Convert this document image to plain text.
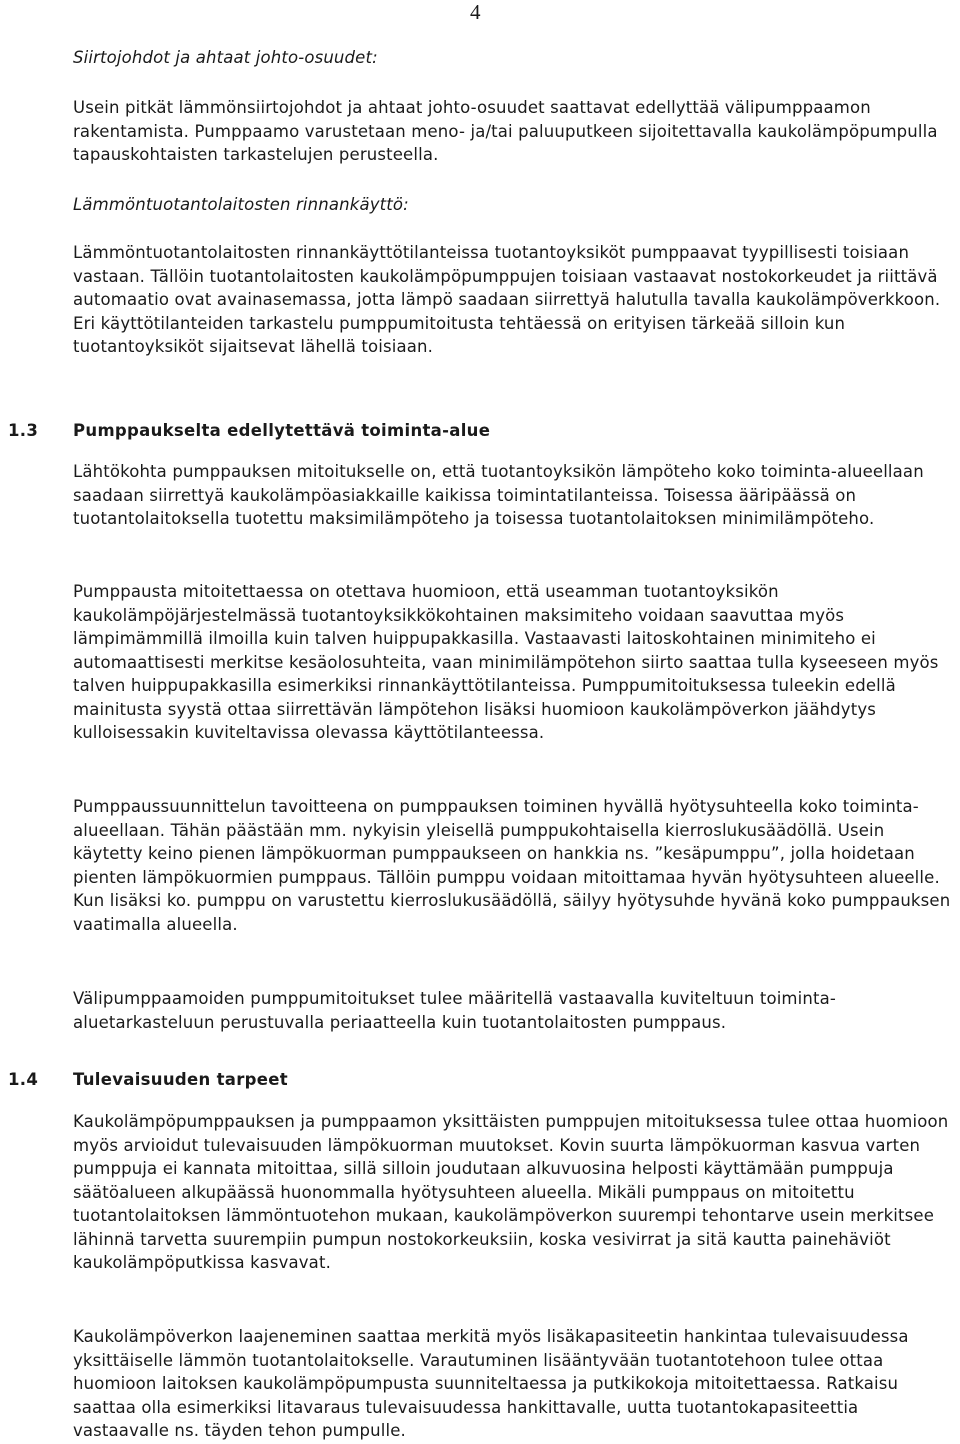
4
Siirtojohdot ja ahtaat johto-osuudet:

Usein pitkät lämmönsiirtojohdot ja ahtaat johto-osuudet saattavat edellyttää välipumppaamon rakentamista. Pumppaamo varustetaan meno- ja/tai paluuputkeen sijoitettavalla kaukolämpöpumpulla tapauskohtaisten tarkastelujen perusteella.

Lämmöntuotantolaitosten rinnankäyttö:

Lämmöntuotantolaitosten rinnankäyttötilanteissa tuotantoyksiköt pumppaavat tyypillisesti toisiaan vastaan. Tällöin tuotantolaitosten kaukolämpöpumppujen toisiaan vastaavat nostokorkeudet ja riittävä automaatio ovat avainasemassa, jotta lämpö saadaan siirrettyä halutulla tavalla kaukolämpöverkkoon. Eri käyttötilanteiden tarkastelu pumppumitoitusta tehtäessä on erityisen tärkeää silloin kun tuotantoyksiköt sijaitsevat lähellä toisiaan.

1.3 Pumppaukselta edellytettävä toiminta-alue

Lähtökohta pumppauksen mitoitukselle on, että tuotantoyksikön lämpöteho koko toiminta-alueellaan saadaan siirrettyä kaukolämpöasiakkaille kaikissa toimintatilanteissa. Toisessa ääripäässä on tuotantolaitoksella tuotettu maksimilämpöteho ja toisessa tuotantolaitoksen minimilämpöteho.

Pumppausta mitoitettaessa on otettava huomioon, että useamman tuotantoyksikön kaukolämpöjärjestelmässä tuotantoyksikkökohtainen maksimiteho voidaan saavuttaa myös lämpimämmillä ilmoilla kuin talven huippupakkasilla. Vastaavasti laitoskohtainen minimiteho ei automaattisesti merkitse kesäolosuhteita, vaan minimilämpötehon siirto saattaa tulla kyseeseen myös talven huippupakkasilla esimerkiksi rinnankäyttötilanteissa. Pumppumitoituksessa tuleekin edellä mainitusta syystä ottaa siirrettävän lämpötehon lisäksi huomioon kaukolämpöverkon jäähdytys kulloisessakin kuviteltavissa olevassa käyttötilanteessa.

Pumppaussuunnittelun tavoitteena on pumppauksen toiminen hyvällä hyötysuhteella koko toiminta-alueellaan. Tähän päästään mm. nykyisin yleisellä pumppukohtaisella kierroslukusäädöllä. Usein käytetty keino pienen lämpökuorman pumppaukseen on hankkia ns. ”kesäpumppu”, jolla hoidetaan pienten lämpökuormien pumppaus. Tällöin pumppu voidaan mitoittamaa hyvän hyötysuhteen alueelle. Kun lisäksi ko. pumppu on varustettu kierroslukusäädöllä, säilyy hyötysuhde hyvänä koko pumppauksen vaatimalla alueella.

Välipumppaamoiden pumppumitoitukset tulee määritellä vastaavalla kuviteltuun toiminta-aluetarkasteluun perustuvalla periaatteella kuin tuotantolaitosten pumppaus.

1.4 Tulevaisuuden tarpeet

Kaukolämpöpumppauksen ja pumppaamon yksittäisten pumppujen mitoituksessa tulee ottaa huomioon myös arvioidut tulevaisuuden lämpökuorman muutokset. Kovin suurta lämpökuorman kasvua varten pumppuja ei kannata mitoittaa, sillä silloin joudutaan alkuvuosina helposti käyttämään pumppuja säätöalueen alkupäässä huonommalla hyötysuhteen alueella. Mikäli pumppaus on mitoitettu tuotantolaitoksen lämmöntuotehon mukaan, kaukolämpöverkon suurempi tehontarve usein merkitsee lähinnä tarvetta suurempiin pumpun nostokorkeuksiin, koska vesivirrat ja sitä kautta painehäviöt kaukolämpöputkissa kasvavat.

Kaukolämpöverkon laajeneminen saattaa merkitä myös lisäkapasiteetin hankintaa tulevaisuudessa yksittäiselle lämmön tuotantolaitokselle. Varautuminen lisääntyvään tuotantotehoon tulee ottaa huomioon laitoksen kaukolämpöpumpusta suunniteltaessa ja putkikokoja mitoitettaessa. Ratkaisu saattaa olla esimerkiksi litavaraus tulevaisuudessa hankittavalle, uutta tuotantokapasiteettia vastaavalle ns. täyden tehon pumpulle.
